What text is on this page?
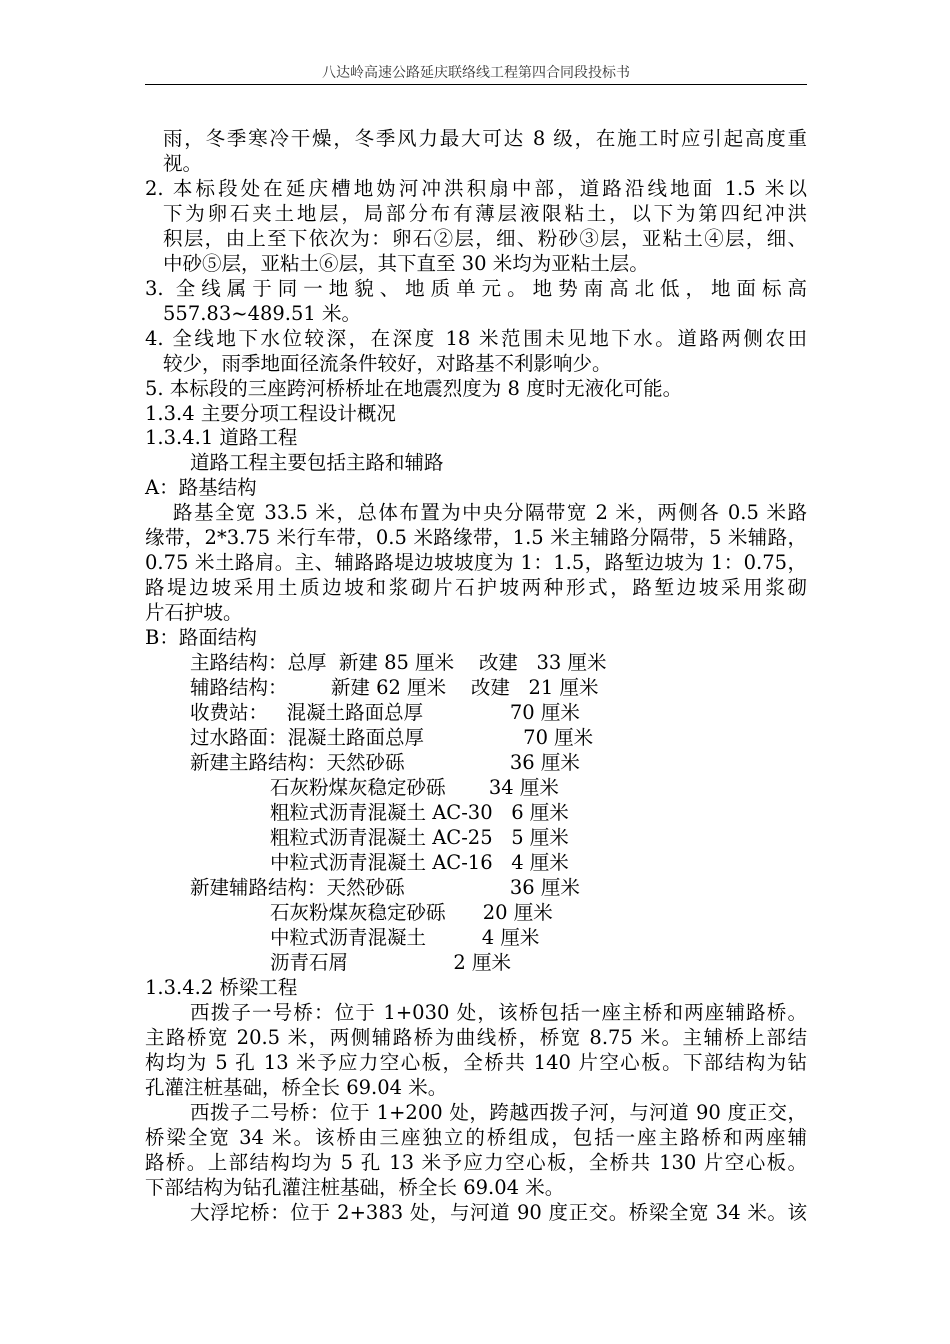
八达岭高速公路延庆联络线工程第四合同段投标书
雨，冬季寒冷干燥，冬季风力最大可达 8 级，在施工时应引起高度重
视。
2. 本标段处在延庆槽地妫河冲洪积扇中部，道路沿线地面 1.5 米以
下为卵石夹土地层，局部分布有薄层液限粘土，以下为第四纪冲洪
积层，由上至下依次为：卵石②层，细、粉砂③层，亚粘土④层，细、
中砂⑤层，亚粘土⑥层，其下直至 30 米均为亚粘土层。
3. 全线属于同一地貌、地质单元。地势南高北低，地面标高
557.83~489.51 米。
4. 全线地下水位较深，在深度 18 米范围未见地下水。道路两侧农田
较少，雨季地面径流条件较好，对路基不利影响少。
5. 本标段的三座跨河桥桥址在地震烈度为 8 度时无液化可能。
1.3.4 主要分项工程设计概况
1.3.4.1 道路工程
道路工程主要包括主路和辅路
A：路基结构
路基全宽 33.5 米，总体布置为中央分隔带宽 2 米，两侧各 0.5 米路
缘带，2*3.75 米行车带，0.5 米路缘带，1.5 米主辅路分隔带，5 米辅路，
0.75 米土路肩。主、辅路路堤边坡坡度为 1：1.5，路堑边坡为 1：0.75，
路堤边坡采用土质边坡和浆砌片石护坡两种形式，路堑边坡采用浆砌
片石护坡。
B：路面结构
主路结构：总厚  新建 85 厘米    改建   33 厘米
辅路结构：       新建 62 厘米    改建   21 厘米
收费站：   混凝土路面总厚              70 厘米
过水路面：混凝土路面总厚                70 厘米
新建主路结构：天然砂砾                 36 厘米
石灰粉煤灰稳定砂砾       34 厘米
粗粒式沥青混凝土 AC-30   6 厘米
粗粒式沥青混凝土 AC-25   5 厘米
中粒式沥青混凝土 AC-16   4 厘米
新建辅路结构：天然砂砾                 36 厘米
石灰粉煤灰稳定砂砾      20 厘米
中粒式沥青混凝土         4 厘米
沥青石屑                 2 厘米
1.3.4.2 桥梁工程
西拨子一号桥：位于 1+030 处，该桥包括一座主桥和两座辅路桥。
主路桥宽 20.5 米，两侧辅路桥为曲线桥，桥宽 8.75 米。主辅桥上部结
构均为 5 孔 13 米予应力空心板，全桥共 140 片空心板。下部结构为钻
孔灌注桩基础，桥全长 69.04 米。
西拨子二号桥：位于 1+200 处，跨越西拨子河，与河道 90 度正交，
桥梁全宽 34 米。该桥由三座独立的桥组成，包括一座主路桥和两座辅
路桥。上部结构均为 5 孔 13 米予应力空心板，全桥共 130 片空心板。
下部结构为钻孔灌注桩基础，桥全长 69.04 米。
大浮坨桥：位于 2+383 处，与河道 90 度正交。桥梁全宽 34 米。该
